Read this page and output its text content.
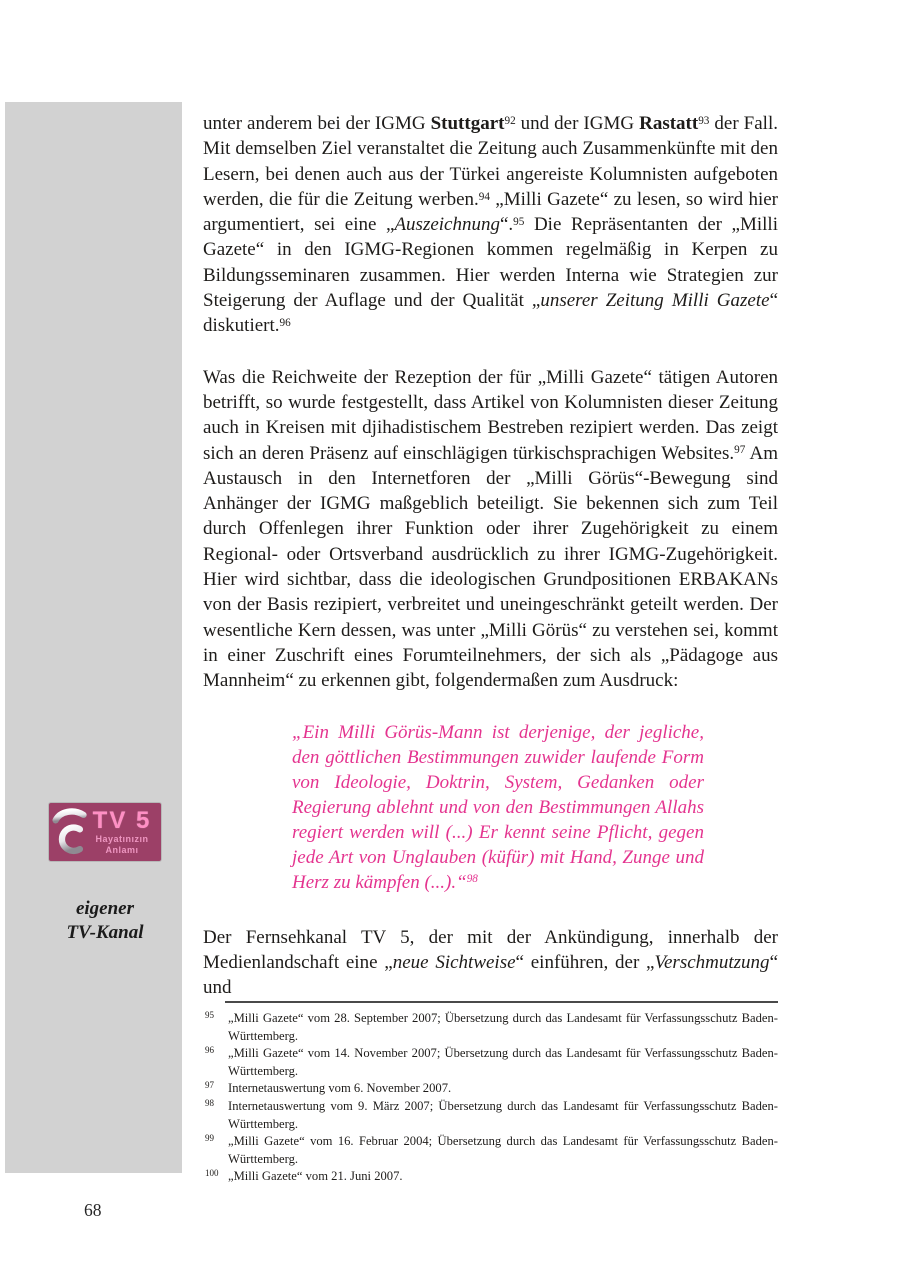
TV 5
Hayatınızın
Anlamı
eigener
TV-Kanal

unter anderem bei der IGMG Stuttgart$^{92}$ und der IGMG Rastatt$^{93}$ der Fall. Mit demselben Ziel veranstaltet die Zeitung auch Zusammenkünfte mit den Lesern, bei denen auch aus der Türkei angereiste Kolumnisten aufgeboten werden, die für die Zeitung werben.$^{94}$ „Milli Gazete“ zu lesen, so wird hier argumentiert, sei eine „Auszeichnung“.$^{95}$ Die Repräsentanten der „Milli Gazete“ in den IGMG-Regionen kommen regelmäßig in Kerpen zu Bildungsseminaren zusammen. Hier werden Interna wie Strategien zur Steigerung der Auflage und der Qualität „unserer Zeitung Milli Gazete“ diskutiert.$^{96}$

Was die Reichweite der Rezeption der für „Milli Gazete“ tätigen Autoren betrifft, so wurde festgestellt, dass Artikel von Kolumnisten dieser Zeitung auch in Kreisen mit djihadistischem Bestreben rezipiert werden. Das zeigt sich an deren Präsenz auf einschlägigen türkischsprachigen Websites.$^{97}$ Am Austausch in den Internetforen der „Milli Görüs“-Bewegung sind Anhänger der IGMG maßgeblich beteiligt. Sie bekennen sich zum Teil durch Offenlegen ihrer Funktion oder ihrer Zugehörigkeit zu einem Regional- oder Ortsverband ausdrücklich zu ihrer IGMG-Zugehörigkeit. Hier wird sichtbar, dass die ideologischen Grundpositionen ERBAKANs von der Basis rezipiert, verbreitet und uneingeschränkt geteilt werden. Der wesentliche Kern dessen, was unter „Milli Görüs“ zu verstehen sei, kommt in einer Zuschrift eines Forumteilnehmers, der sich als „Pädagoge aus Mannheim“ zu erkennen gibt, folgendermaßen zum Ausdruck:

„Ein Milli Görüs-Mann ist derjenige, der jegliche, den göttlichen Bestimmungen zuwider laufende Form von Ideologie, Doktrin, System, Gedanken oder Regierung ablehnt und von den Bestimmungen Allahs regiert werden will (...) Er kennt seine Pflicht, gegen jede Art von Unglauben (küfür) mit Hand, Zunge und Herz zu kämpfen (...).“$^{98}$

Der Fernsehkanal TV 5, der mit der Ankündigung, innerhalb der Medienlandschaft eine „neue Sichtweise“ einführen, der „Verschmutzung“ und

95 „Milli Gazete“ vom 28. September 2007; Übersetzung durch das Landesamt für Verfassungsschutz Baden-Württemberg.
96 „Milli Gazete“ vom 14. November 2007; Übersetzung durch das Landesamt für Verfassungsschutz Baden-Württemberg.
97 Internetauswertung vom 6. November 2007.
98 Internetauswertung vom 9. März 2007; Übersetzung durch das Landesamt für Verfassungsschutz Baden-Württemberg.
99 „Milli Gazete“ vom 16. Februar 2004; Übersetzung durch das Landesamt für Verfassungsschutz Baden-Württemberg.
100 „Milli Gazete“ vom 21. Juni 2007.
68
